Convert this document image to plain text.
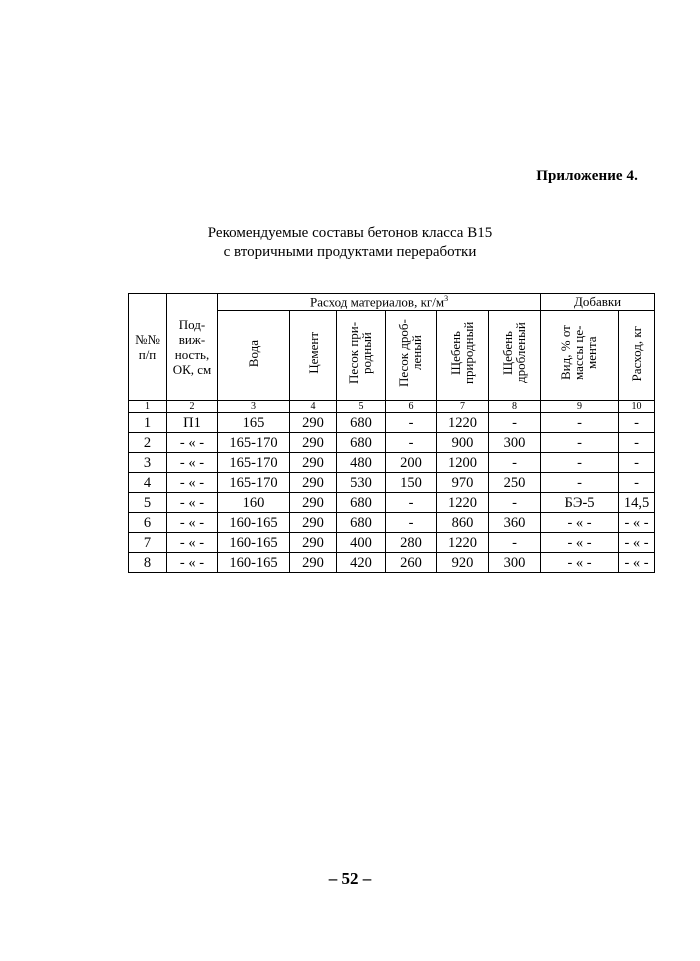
Приложение 4.
Рекомендуемые составы бетонов класса В15
с вторичными продуктами переработки
№№ п/п	Под-виж-ность, ОК, см	Расход материалов, $кг/м^3$						Добавки	
		Вода	Цемент	Песок при-родный	Песок дроб-леный	Щебень природный	Щебень дробленый	Вид, % от массы це-мента	Расход, кг
1	2	3	4	5	6	7	8	9	10
1	П1	165	290	680	-	1220	-	-	-
2	- « -	165-170	290	680	-	900	300	-	-
3	- « -	165-170	290	480	200	1200	-	-	-
4	- « -	165-170	290	530	150	970	250	-	-
5	- « -	160	290	680	-	1220	-	БЭ-5	14,5
6	- « -	160-165	290	680	-	860	360	- « -	- « -
7	- « -	160-165	290	400	280	1220	-	- « -	- « -
8	- « -	160-165	290	420	260	920	300	- « -	- « -
– 52 –
